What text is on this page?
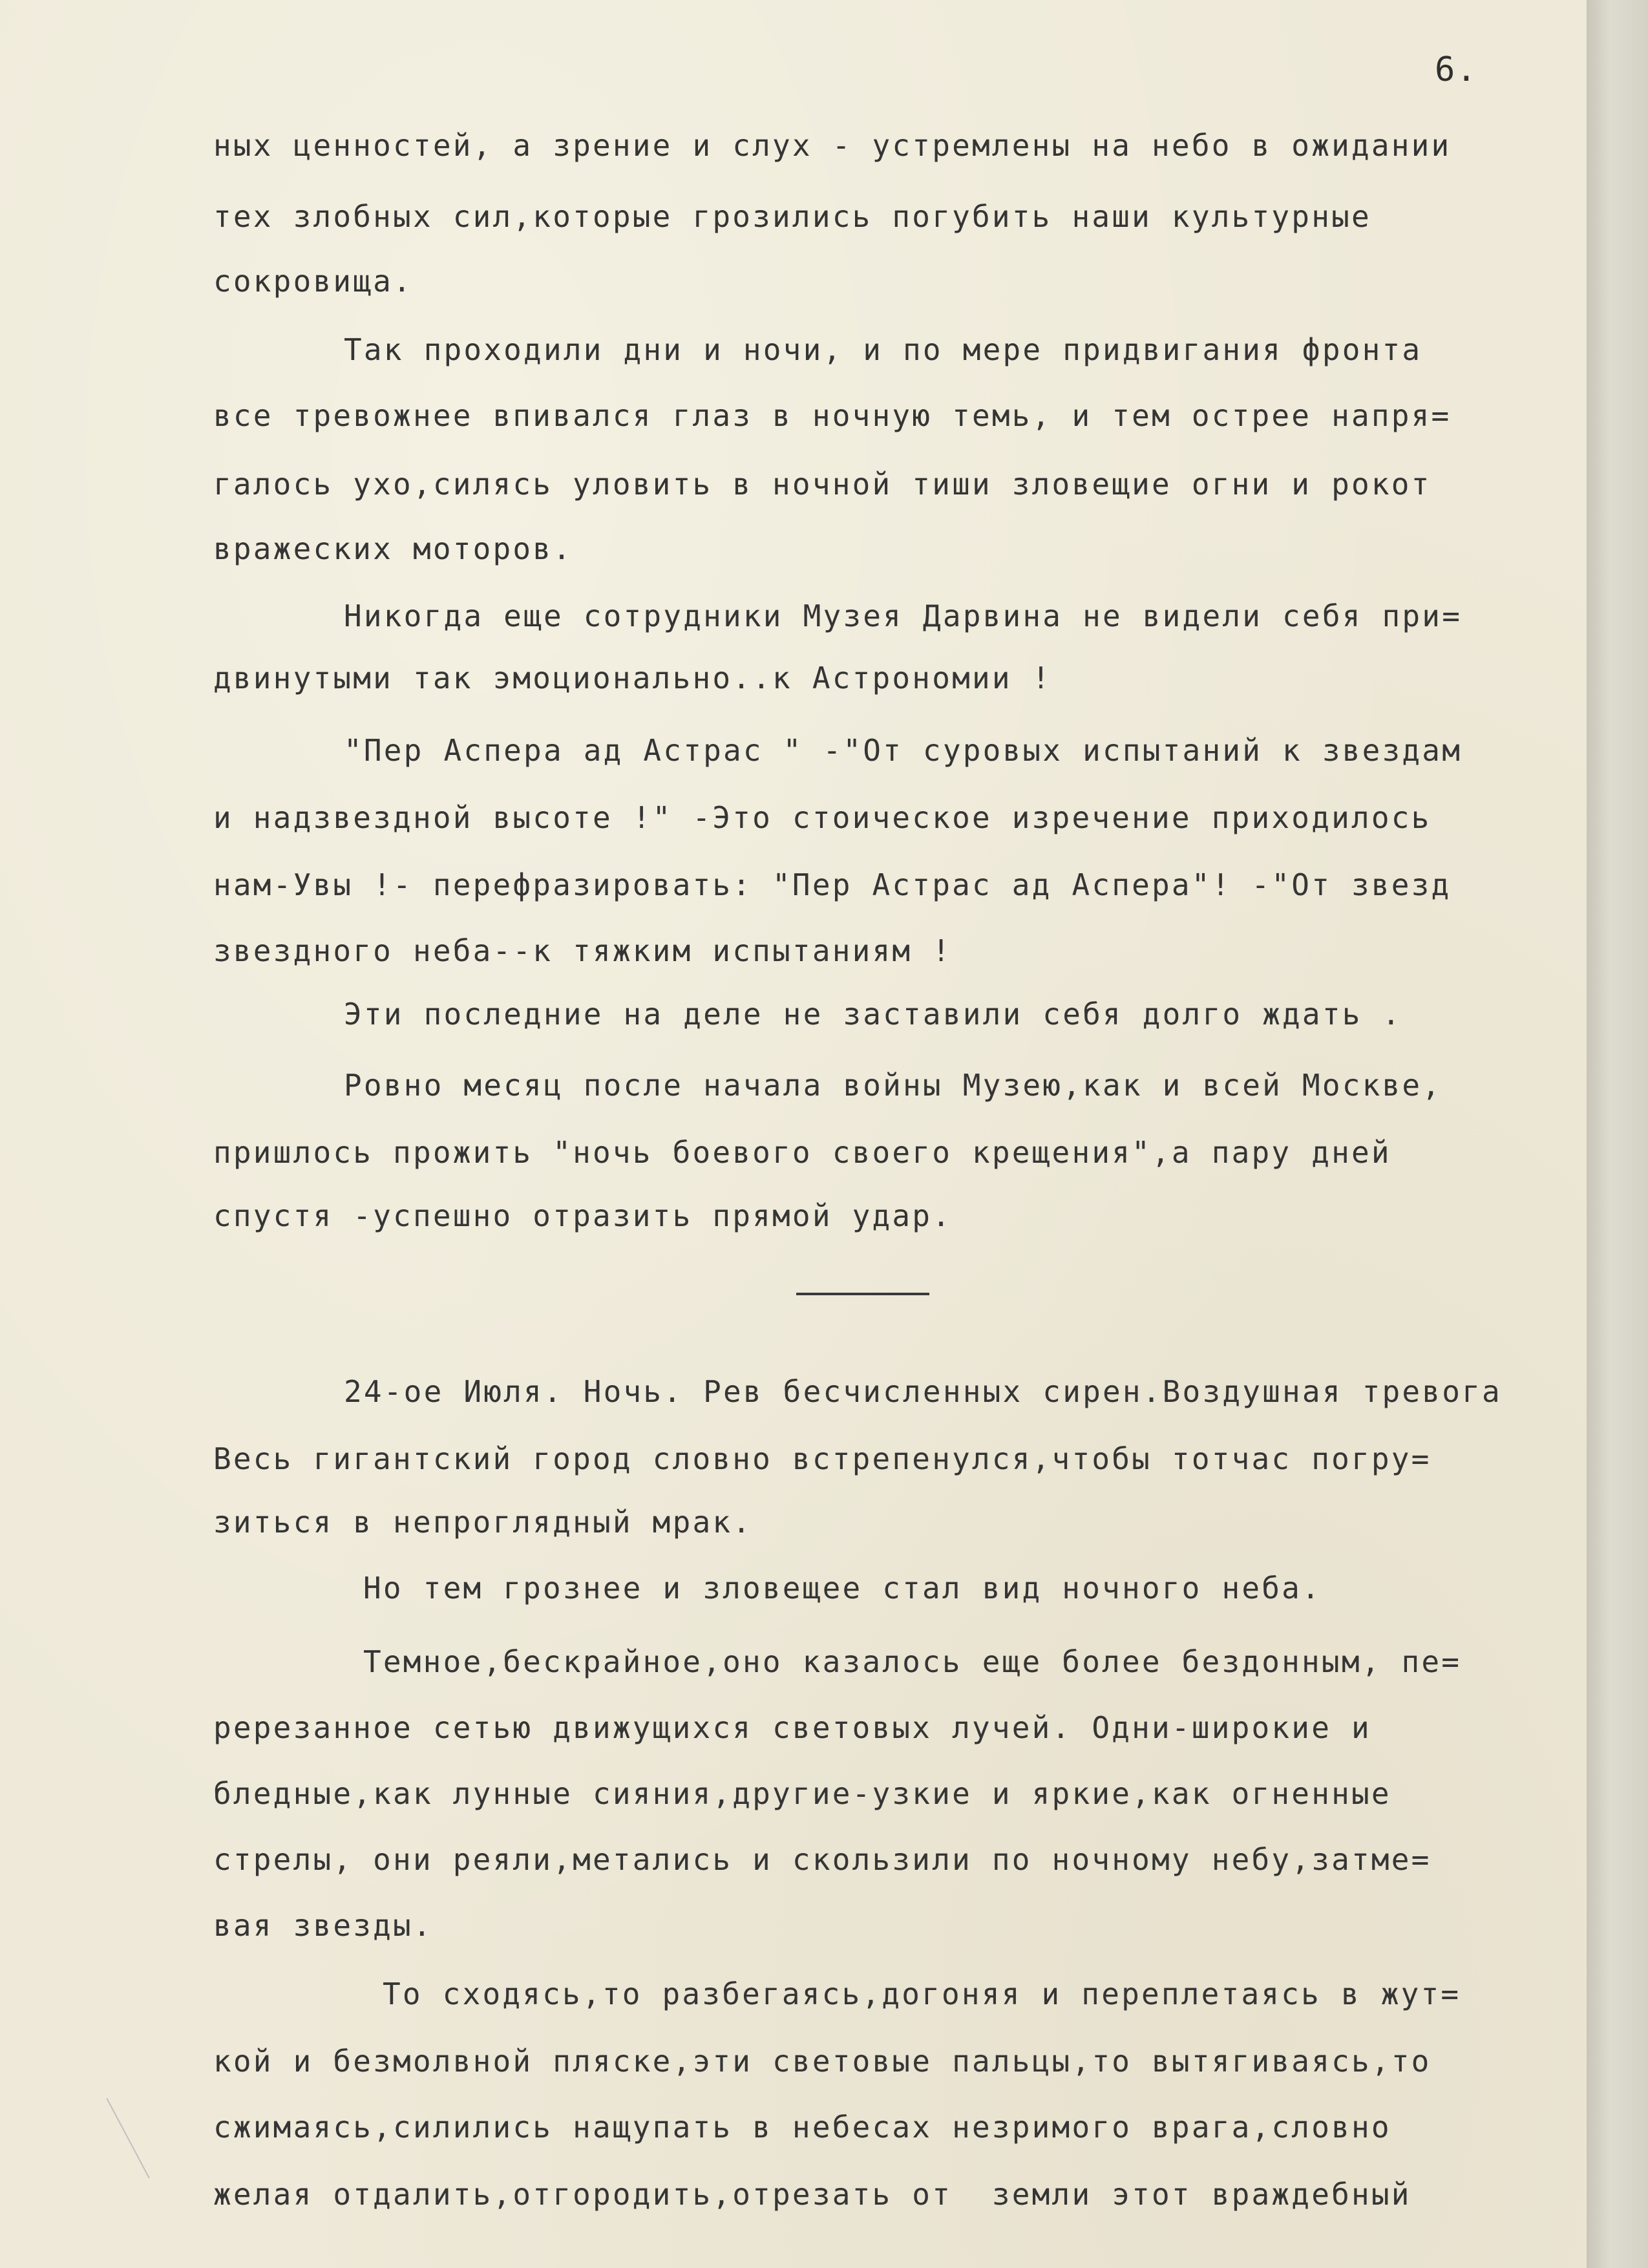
6.
ных ценностей, а зрение и слух - устремлены на небо в ожидании
тех злобных сил,которые грозились погубить наши культурные
сокровища.
Так проходили дни и ночи, и по мере придвигания фронта
все тревожнее впивался глаз в ночную темь, и тем острее напря=
галось ухо,силясь уловить в ночной тиши зловещие огни и рокот
вражеских моторов.
Никогда еще сотрудники Музея Дарвина не видели себя при=
двинутыми так эмоционально..к Астрономии !
"Пер Аспера ад Астрас " -"От суровых испытаний к звездам
и надзвездной высоте !" -Это стоическое изречение приходилось
нам-Увы !- перефразировать: "Пер Астрас ад Аспера"! -"От звезд
звездного неба--к тяжким испытаниям !
Эти последние на деле не заставили себя долго ждать .
Ровно месяц после начала войны Музею,как и всей Москве,
пришлось прожить "ночь боевого своего крещения",а пару дней
спустя -успешно отразить прямой удар.
24-ое Июля. Ночь. Рев бесчисленных сирен.Воздушная тревога
Весь гигантский город словно встрепенулся,чтобы тотчас погру=
зиться в непроглядный мрак.
Но тем грознее и зловещее стал вид ночного неба.
Темное,бескрайное,оно казалось еще более бездонным, пе=
ререзанное сетью движущихся световых лучей. Одни-широкие и
бледные,как лунные сияния,другие-узкие и яркие,как огненные
стрелы, они реяли,метались и скользили по ночному небу,затме=
вая звезды.
То сходясь,то разбегаясь,догоняя и переплетаясь в жут=
кой и безмолвной пляске,эти световые пальцы,то вытягиваясь,то
сжимаясь,силились нащупать в небесах незримого врага,словно
желая отдалить,отгородить,отрезать от  земли этот враждебный
